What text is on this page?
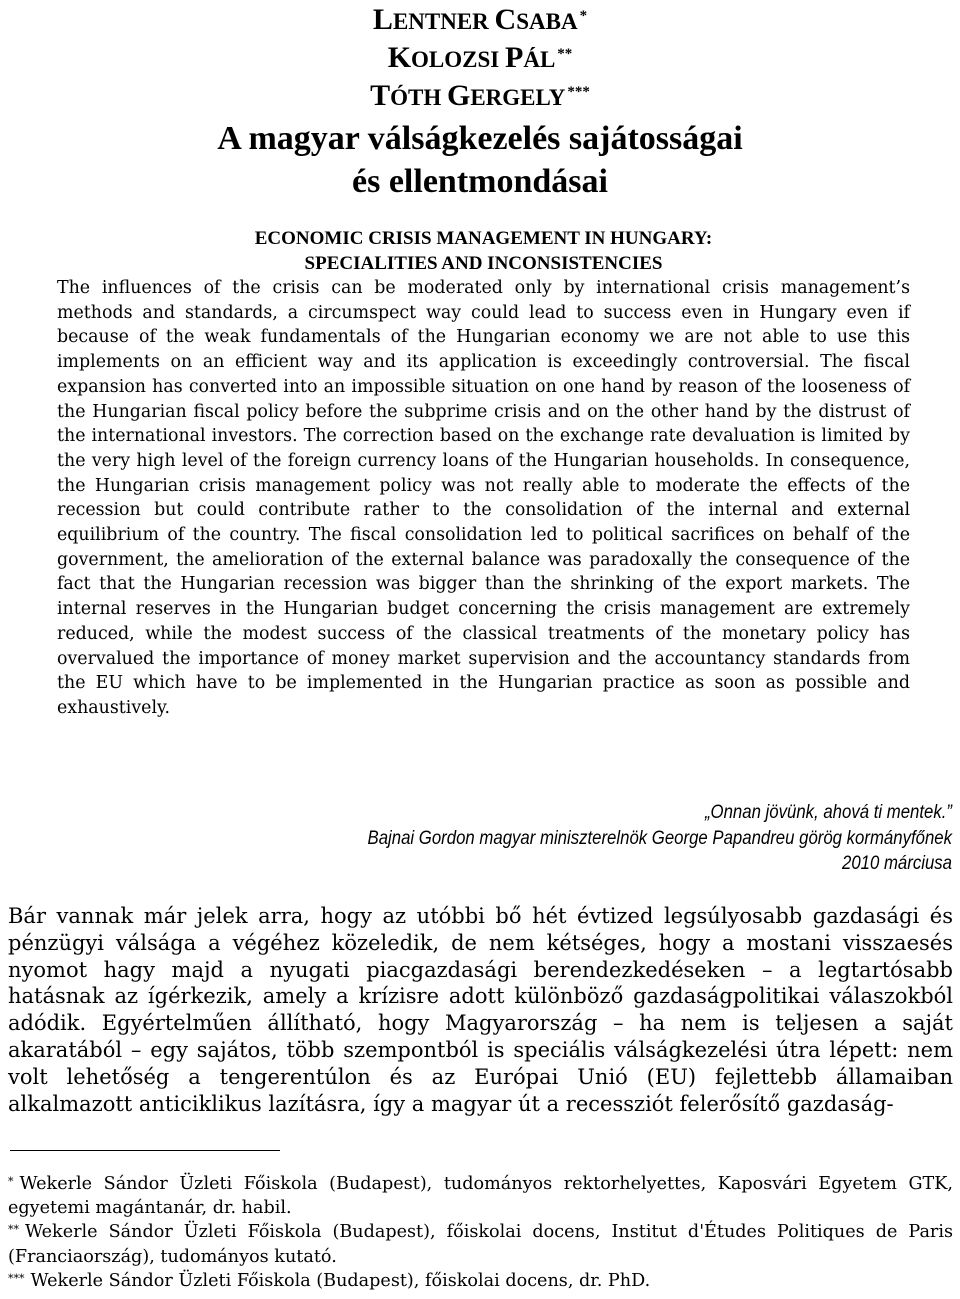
LENTNER CSABA *
KOLOZSI PÁL **
TÓTH GERGELY ***
A magyar válságkezelés sajátosságai
és ellentmondásai
ECONOMIC CRISIS MANAGEMENT IN HUNGARY:
SPECIALITIES AND INCONSISTENCIES

The influences of the crisis can be moderated only by international crisis management’s methods and standards, a circumspect way could lead to success even in Hungary even if because of the weak fundamentals of the Hungarian economy we are not able to use this implements on an efficient way and its application is exceedingly controversial. The fiscal expansion has converted into an impossible situation on one hand by reason of the looseness of the Hungarian fiscal policy before the subprime crisis and on the other hand by the distrust of the international investors. The correction based on the exchange rate devaluation is limited by the very high level of the foreign currency loans of the Hungarian households. In consequence, the Hungarian crisis management policy was not really able to moderate the effects of the recession but could contribute rather to the consolidation of the internal and external equilibrium of the country. The fiscal consolidation led to political sacrifices on behalf of the government, the amelioration of the external balance was paradoxally the consequence of the fact that the Hungarian recession was bigger than the shrinking of the export markets. The internal reserves in the Hungarian budget concerning the crisis management are extremely reduced, while the modest success of the classical treatments of the monetary policy has overvalued the importance of money market supervision and the accountancy standards from the EU which have to be implemented in the Hungarian practice as soon as possible and exhaustively.

„Onnan jövünk, ahová ti mentek.”
Bajnai Gordon magyar miniszterelnök George Papandreu görög kormányfőnek
2010 márciusa

Bár vannak már jelek arra, hogy az utóbbi bő hét évtized legsúlyosabb gazdasági és pénzügyi válsága a végéhez közeledik, de nem kétséges, hogy a mostani visszaesés nyomot hagy majd a nyugati piacgazdasági berendezkedéseken – a legtartósabb hatásnak az ígérkezik, amely a krízisre adott különböző gazdaságpolitikai válaszokból adódik. Egyértelműen állítható, hogy Magyarország – ha nem is teljesen a saját akaratából – egy sajátos, több szempontból is speciális válságkezelési útra lépett: nem volt lehetőség a tengerentúlon és az Európai Unió (EU) fejlettebb államaiban alkalmazott anticiklikus lazításra, így a magyar út a recessziót felerősítő gazdaság-

* Wekerle Sándor Üzleti Főiskola (Budapest), tudományos rektorhelyettes, Kaposvári Egyetem GTK, egyetemi magántanár, dr. habil.

** Wekerle Sándor Üzleti Főiskola (Budapest), főiskolai docens, Institut d'Études Politiques de Paris (Franciaország), tudományos kutató.

*** Wekerle Sándor Üzleti Főiskola (Budapest), főiskolai docens, dr. PhD.
